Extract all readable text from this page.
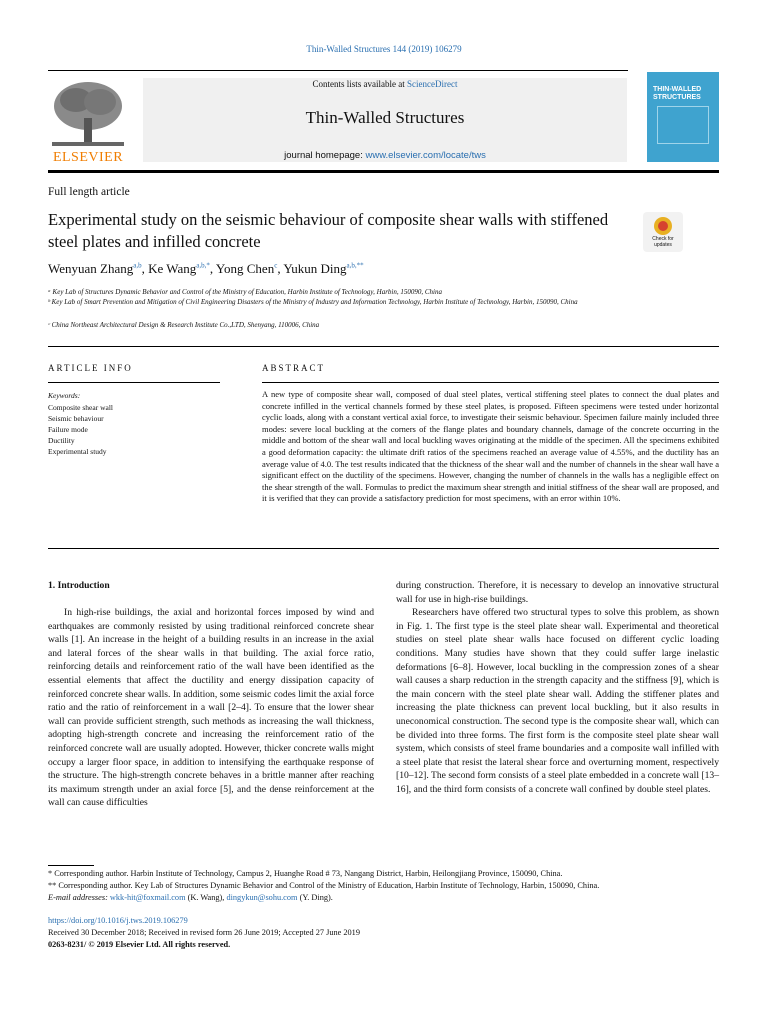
Thin-Walled Structures 144 (2019) 106279
ELSEVIER
Contents lists available at ScienceDirect
Thin-Walled Structures
journal homepage: www.elsevier.com/locate/tws
THIN-WALLED STRUCTURES
Full length article
Experimental study on the seismic behaviour of composite shear walls with stiffened steel plates and infilled concrete	Check for updates
Wenyuan Zhang$^{a,b}$, Ke Wang$^{a,b,*}$, Yong Chen$^c$, Yukun Ding$^{a,b,**}$
ᵃ Key Lab of Structures Dynamic Behavior and Control of the Ministry of Education, Harbin Institute of Technology, Harbin, 150090, China
ᵇ Key Lab of Smart Prevention and Mitigation of Civil Engineering Disasters of the Ministry of Industry and Information Technology, Harbin Institute of Technology, Harbin, 150090, China
ᶜ China Northeast Architectural Design & Research Institute Co.,LTD, Shenyang, 110006, China
ARTICLE INFO	ABSTRACT
Keywords:
Composite shear wall
Seismic behaviour
Failure mode
Ductility
Experimental study
A new type of composite shear wall, composed of dual steel plates, vertical stiffening steel plates to connect the dual plates and concrete infilled in the vertical channels formed by these steel plates, is proposed. Fifteen specimens were tested under horizontal cyclic loads, along with a constant vertical axial force, to investigate their seismic behaviour. Specimen failure mainly included three modes: severe local buckling at the corners of the flange plates and boundary channels, damage of the concrete occurring in the middle and bottom of the shear wall and local buckling waves originating at the middle of the specimen. All the specimens exhibited a good deformation capacity: the ultimate drift ratios of the specimens reached an average value of 4.55%, and the ductility has an average value of 4.0. The test results indicated that the thickness of the shear wall and the number of channels in the shear wall have a significant effect on the ductility of the specimens. However, changing the number of channels in the walls has a negligible effect on the shear strength of the wall. Formulas to predict the maximum shear strength and initial stiffness of the shear wall are proposed, and it is verified that they can provide a satisfactory prediction for most specimens, with an error within 10%.
1. Introduction

In high-rise buildings, the axial and horizontal forces imposed by wind and earthquakes are commonly resisted by using traditional reinforced concrete shear walls [1]. An increase in the height of a building results in an increase in the axial and lateral forces of the shear walls in that building. The axial force ratio, reinforcing details and reinforcement ratio of the wall have been identified as the essential elements that affect the ductility and energy dissipation capacity of reinforced concrete shear walls. In addition, some seismic codes limit the axial force ratio and the ratio of reinforcement in a wall [2–4]. To ensure that the lower shear wall can provide sufficient strength, such methods as increasing the wall thickness, adopting high-strength concrete and increasing the reinforcement ratio of the reinforced concrete wall are usually adopted. However, thicker concrete walls might occupy a larger floor space, in addition to intensifying the earthquake response of the structure. The high-strength concrete behaves in a brittle manner after reaching its maximum strength under an axial force [5], and the dense reinforcement at the wall can cause difficulties

during construction. Therefore, it is necessary to develop an innovative structural wall for use in high-rise buildings.

Researchers have offered two structural types to solve this problem, as shown in Fig. 1. The first type is the steel plate shear wall. Experimental and theoretical studies on steel plate shear walls hace focused on different cyclic loading conditions. Many studies have shown that they could suffer large inelastic deformations [6–8]. However, local buckling in the compression zones of a shear wall causes a sharp reduction in the strength capacity and the stiffness [9], which is the main concern with the steel plate shear wall. Adding the stiffener plates and increasing the plate thickness can prevent local buckling, but it also results in uneconomical construction. The second type is the composite shear wall, which can be divided into three forms. The first form is the composite steel plate shear wall system, which consists of steel frame boundaries and a composite wall infilled with a steel plate that resist the lateral shear force and overturning moment, respectively [10–12]. The second form consists of a steel plate embedded in a concrete wall [13–16], and the third form consists of a concrete wall confined by double steel plates.

* Corresponding author. Harbin Institute of Technology, Campus 2, Huanghe Road # 73, Nangang District, Harbin, Heilongjiang Province, 150090, China.
** Corresponding author. Key Lab of Structures Dynamic Behavior and Control of the Ministry of Education, Harbin Institute of Technology, Harbin, 150090, China.
E-mail addresses: wkk-hit@foxmail.com (K. Wang), dingykun@sohu.com (Y. Ding).
https://doi.org/10.1016/j.tws.2019.106279
Received 30 December 2018; Received in revised form 26 June 2019; Accepted 27 June 2019
0263-8231/ © 2019 Elsevier Ltd. All rights reserved.
